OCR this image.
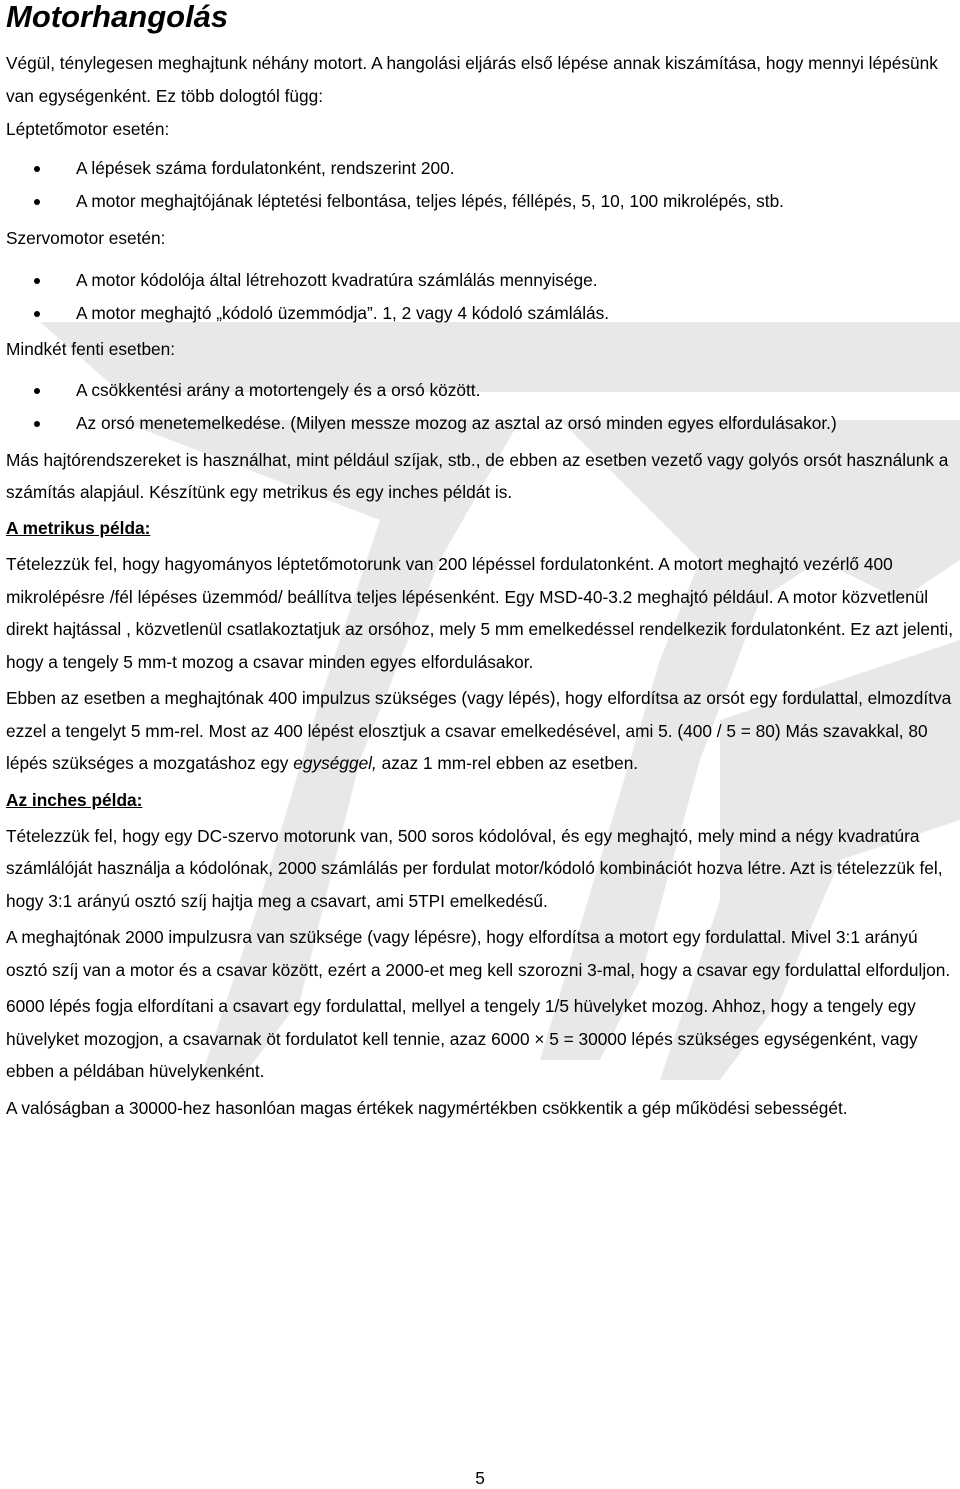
Motorhangolás

Végül, ténylegesen meghajtunk néhány motort. A hangolási eljárás első lépése annak kiszámítása, hogy mennyi lépésünk van egységenként. Ez több dologtól függ:

Léptetőmotor esetén:

A lépések száma fordulatonként, rendszerint 200.
A motor meghajtójának léptetési felbontása, teljes lépés, féllépés, 5, 10, 100 mikrolépés, stb.

Szervomotor esetén:

A motor kódolója által létrehozott kvadratúra számlálás mennyisége.
A motor meghajtó „kódoló üzemmódja”. 1, 2 vagy 4 kódoló számlálás.

Mindkét fenti esetben:

A csökkentési arány a motortengely és a orsó között.
Az orsó menetemelkedése. (Milyen messze mozog az asztal az orsó minden egyes elfordulásakor.)

Más hajtórendszereket is használhat, mint például szíjak, stb., de ebben az esetben vezető vagy golyós orsót használunk a számítás alapjául. Készítünk egy metrikus és egy inches példát is.

A metrikus példa:

Tételezzük fel, hogy hagyományos léptetőmotorunk van 200 lépéssel fordulatonként. A motort meghajtó vezérlő 400 mikrolépésre /fél lépéses üzemmód/ beállítva teljes lépésenként. Egy MSD-40-3.2 meghajtó például. A motor közvetlenül direkt hajtással , közvetlenül csatlakoztatjuk az orsóhoz, mely 5 mm emelkedéssel rendelkezik fordulatonként. Ez azt jelenti, hogy a tengely 5 mm-t mozog a csavar minden egyes elfordulásakor.

Ebben az esetben a meghajtónak 400 impulzus szükséges (vagy lépés), hogy elfordítsa az orsót egy fordulattal, elmozdítva ezzel a tengelyt 5 mm-rel. Most az 400 lépést elosztjuk a csavar emelkedésével, ami 5. (400 / 5 = 80) Más szavakkal, 80 lépés szükséges a mozgatáshoz egy egységgel, azaz 1 mm-rel ebben az esetben.

Az inches példa:

Tételezzük fel, hogy egy DC-szervo motorunk van, 500 soros kódolóval, és egy meghajtó, mely mind a négy kvadratúra számlálóját használja a kódolónak, 2000 számlálás per fordulat motor/kódoló kombinációt hozva létre. Azt is tételezzük fel, hogy 3:1 arányú osztó szíj hajtja meg a csavart, ami 5TPI emelkedésű.

A meghajtónak 2000 impulzusra van szüksége (vagy lépésre), hogy elfordítsa a motort egy fordulattal. Mivel 3:1 arányú osztó szíj van a motor és a csavar között, ezért a 2000-et meg kell szorozni 3-mal, hogy a csavar egy fordulattal elforduljon.

6000 lépés fogja elfordítani a csavart egy fordulattal, mellyel a tengely 1/5 hüvelyket mozog. Ahhoz, hogy a tengely egy hüvelyket mozogjon, a csavarnak öt fordulatot kell tennie, azaz 6000 × 5 = 30000 lépés szükséges egységenként, vagy ebben a példában hüvelykenként.

A valóságban a 30000-hez hasonlóan magas értékek nagymértékben csökkentik a gép működési sebességét.

5
